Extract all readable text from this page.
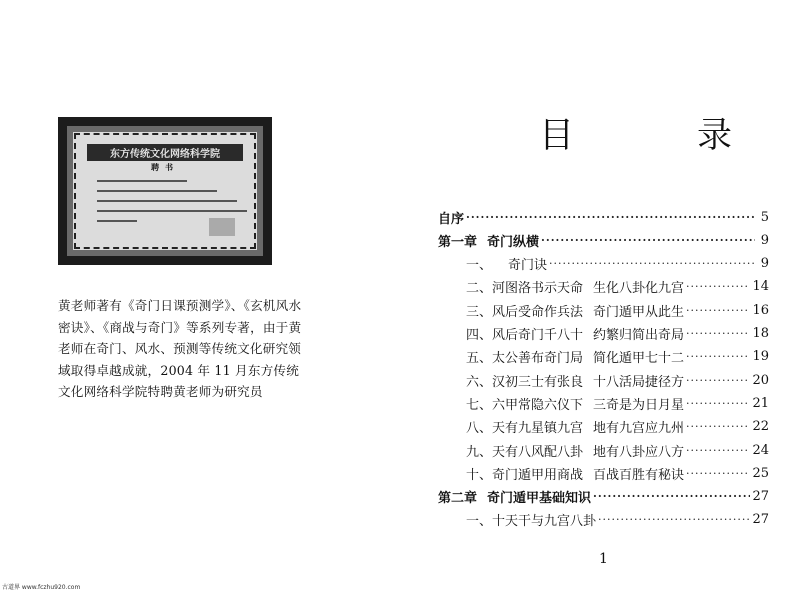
东方传统文化网络科学院
聘书

黄老师著有《奇门日课预测学》、《玄机风水密诀》、《商战与奇门》等系列专著，由于黄老师在奇门、风水、预测等传统文化研究领域取得卓越成就，2004 年 11 月东方传统文化网络科学院特聘黄老师为研究员

古道界 www.fczhu920.com
目　录
自序 ·····	5
第一章 奇门纵横 ·····	9
一、 奇门诀 ·····	9
二、河图洛书示天命 生化八卦化九宫 ·····	14
三、风后受命作兵法 奇门遁甲从此生 ·····	16
四、风后奇门千八十 约繁归简出奇局 ·····	18
五、太公善布奇门局 简化遁甲七十二 ·····	19
六、汉初三士有张良 十八活局捷径方 ·····	20
七、六甲常隐六仪下 三奇是为日月星 ·····	21
八、天有九星镇九宫 地有九宫应九州 ·····	22
九、天有八风配八卦 地有八卦应八方 ·····	24
十、奇门遁甲用商战 百战百胜有秘诀 ·····	25
第二章 奇门遁甲基础知识 ·····	27
一、十天干与九宫八卦 ·····	27
1
